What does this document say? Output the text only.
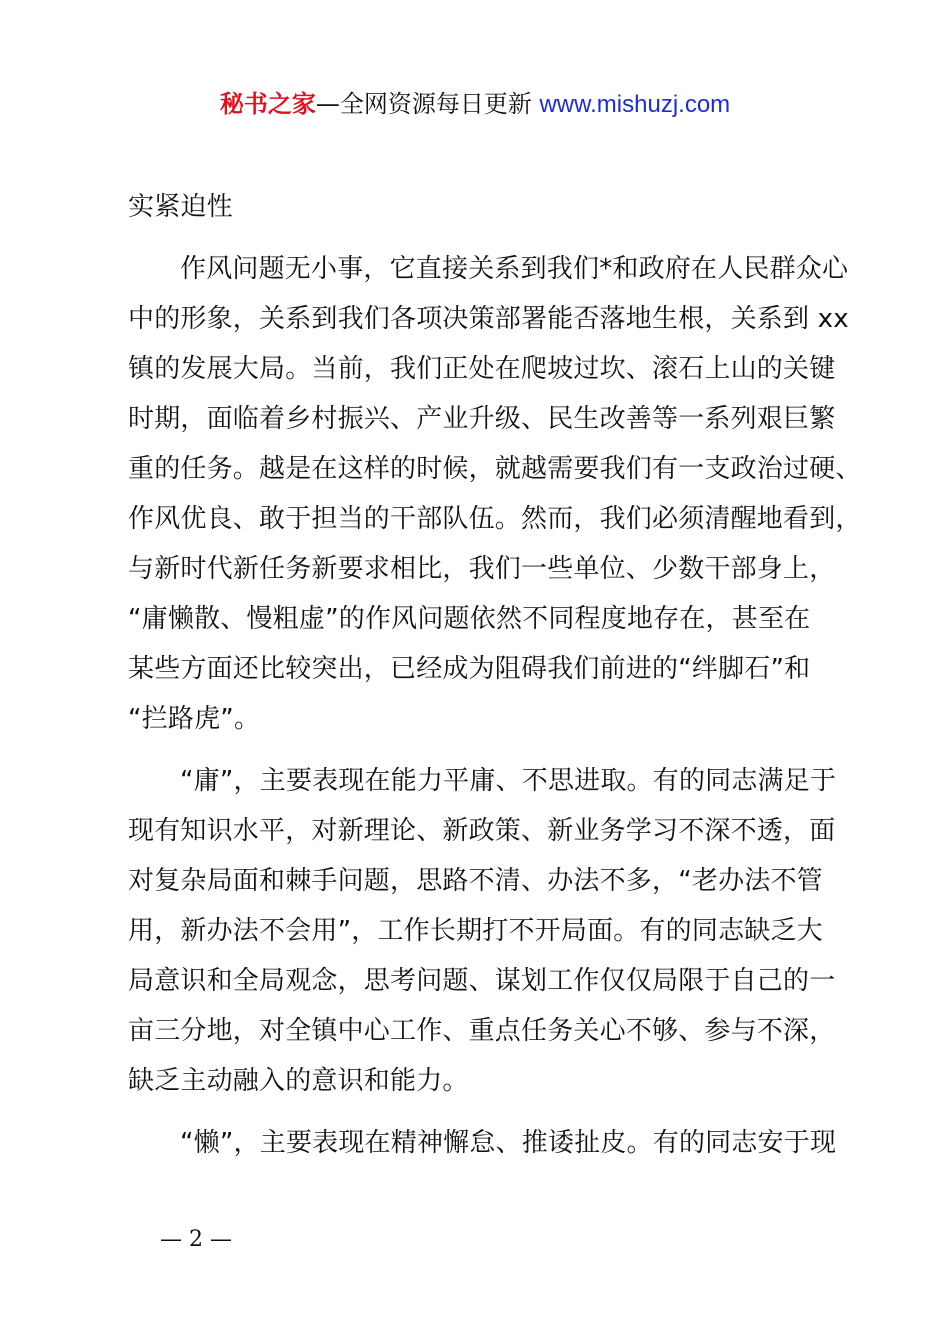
秘书之家—全网资源每日更新 www.mishuzj.com

实紧迫性

作风问题无小事，它直接关系到我们*和政府在人民群众心
中的形象，关系到我们各项决策部署能否落地生根，关系到 xx
镇的发展大局。当前，我们正处在爬坡过坎、滚石上山的关键
时期，面临着乡村振兴、产业升级、民生改善等一系列艰巨繁
重的任务。越是在这样的时候，就越需要我们有一支政治过硬、
作风优良、敢于担当的干部队伍。然而，我们必须清醒地看到，
与新时代新任务新要求相比，我们一些单位、少数干部身上，
“庸懒散、慢粗虚”的作风问题依然不同程度地存在，甚至在
某些方面还比较突出，已经成为阻碍我们前进的“绊脚石”和
“拦路虎”。

“庸”，主要表现在能力平庸、不思进取。有的同志满足于
现有知识水平，对新理论、新政策、新业务学习不深不透，面
对复杂局面和棘手问题，思路不清、办法不多，“老办法不管
用，新办法不会用”，工作长期打不开局面。有的同志缺乏大
局意识和全局观念，思考问题、谋划工作仅仅局限于自己的一
亩三分地，对全镇中心工作、重点任务关心不够、参与不深，
缺乏主动融入的意识和能力。

“懒”，主要表现在精神懈怠、推诿扯皮。有的同志安于现

— 2 —
